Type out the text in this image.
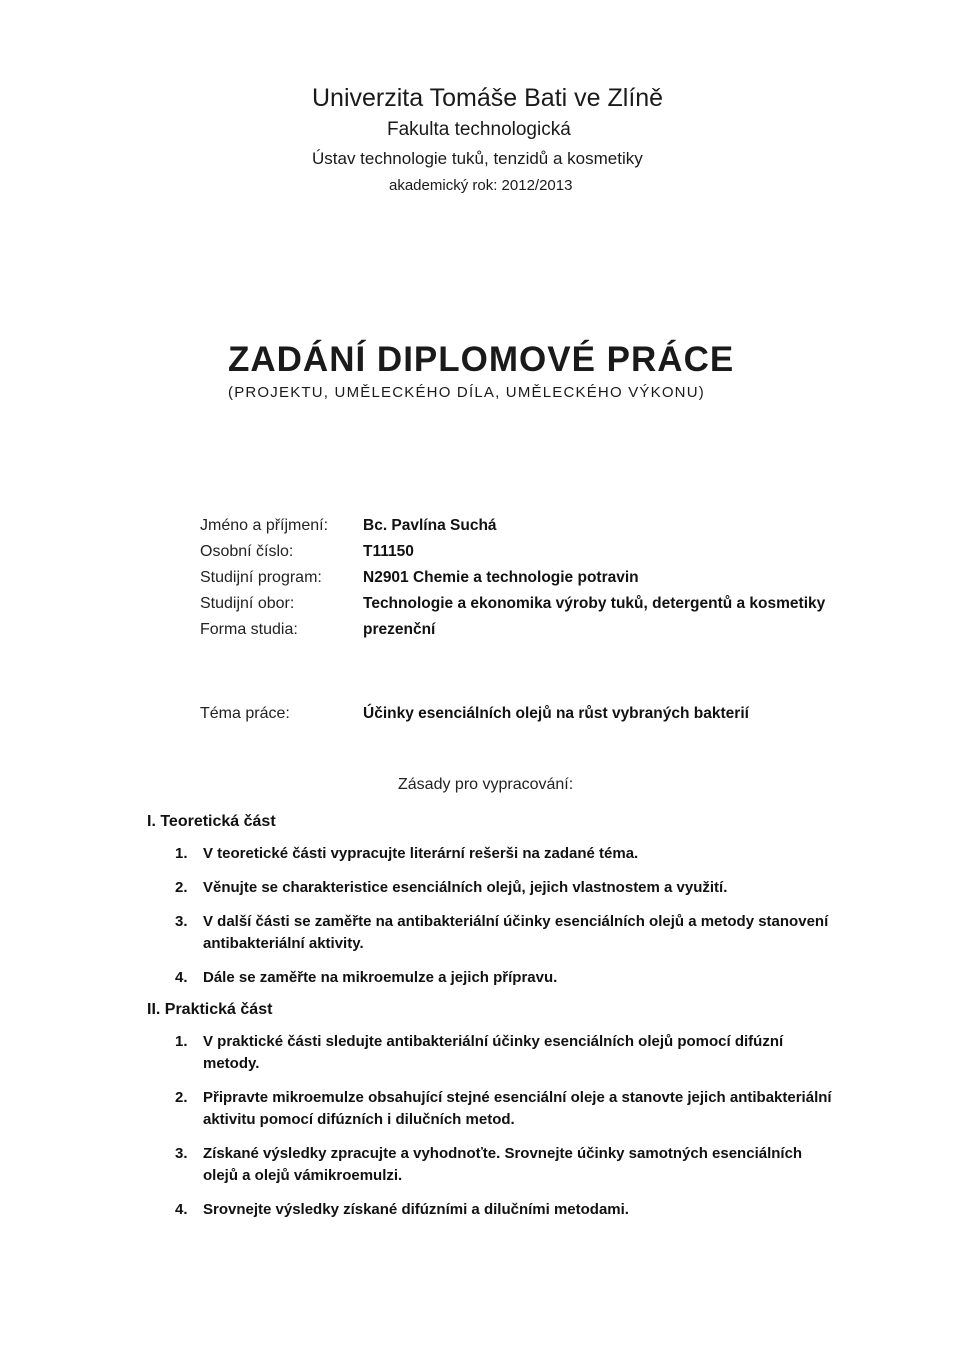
Univerzita Tomáše Bati ve Zlíně
Fakulta technologická
Ústav technologie tuků, tenzidů a kosmetiky
akademický rok: 2012/2013
ZADÁNÍ DIPLOMOVÉ PRÁCE
(PROJEKTU, UMĚLECKÉHO DÍLA, UMĚLECKÉHO VÝKONU)
Jméno a příjmení:	Bc. Pavlína Suchá
Osobní číslo:	T11150
Studijní program:	N2901 Chemie a technologie potravin
Studijní obor:	Technologie a ekonomika výroby tuků, detergentů a kosmetiky
Forma studia:	prezenční
Téma práce:	Účinky esenciálních olejů na růst vybraných bakterií
Zásady pro vypracování:
I. Teoretická část
1.	V teoretické části vypracujte literární rešerši na zadané téma.
2.	Věnujte se charakteristice esenciálních olejů, jejich vlastnostem a využití.
3.	V další části se zaměřte na antibakteriální účinky esenciálních olejů a metody stanovení antibakteriální aktivity.
4.	Dále se zaměřte na mikroemulze a jejich přípravu.
II. Praktická část
1.	V praktické části sledujte antibakteriální účinky esenciálních olejů pomocí difúzní metody.
2.	Připravte mikroemulze obsahující stejné esenciální oleje a stanovte jejich antibakteriální aktivitu pomocí difúzních i dilučních metod.
3.	Získané výsledky zpracujte a vyhodnoťte. Srovnejte účinky samotných esenciálních olejů a olejů vámikroemulzi.
4.	Srovnejte výsledky získané difúzními a dilučními metodami.
